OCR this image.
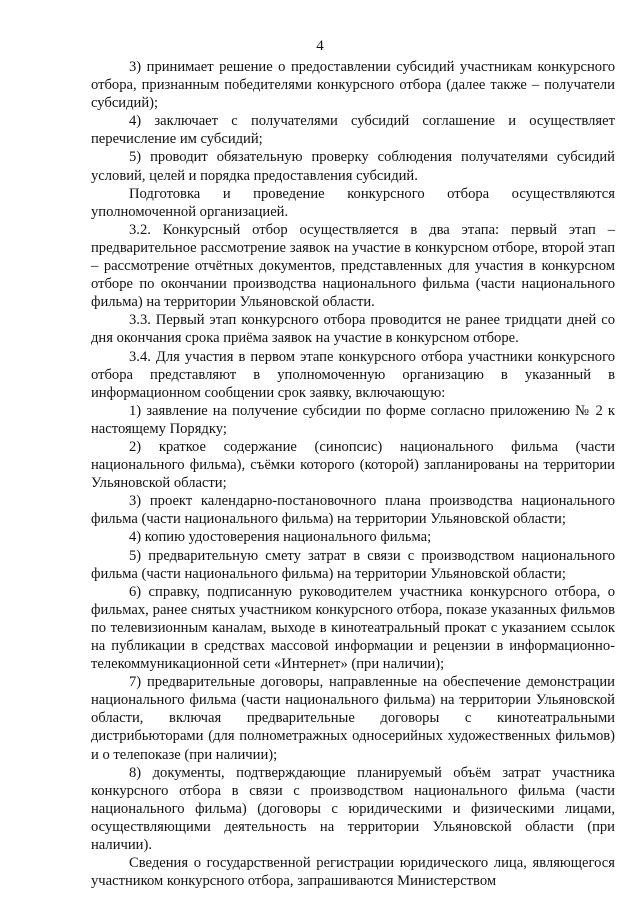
4

3) принимает решение о предоставлении субсидий участникам конкурсного отбора, признанным победителями конкурсного отбора (далее также – получатели субсидий);

4) заключает с получателями субсидий соглашение и осуществляет перечисление им субсидий;

5) проводит обязательную проверку соблюдения получателями субсидий условий, целей и порядка предоставления субсидий.

Подготовка и проведение конкурсного отбора осуществляются уполномоченной организацией.

3.2. Конкурсный отбор осуществляется в два этапа: первый этап – предварительное рассмотрение заявок на участие в конкурсном отборе, второй этап – рассмотрение отчётных документов, представленных для участия в конкурсном отборе по окончании производства национального фильма (части национального фильма) на территории Ульяновской области.

3.3. Первый этап конкурсного отбора проводится не ранее тридцати дней со дня окончания срока приёма заявок на участие в конкурсном отборе.

3.4. Для участия в первом этапе конкурсного отбора участники конкурсного отбора представляют в уполномоченную организацию в указанный в информационном сообщении срок заявку, включающую:

1) заявление на получение субсидии по форме согласно приложению № 2 к настоящему Порядку;

2) краткое содержание (синопсис) национального фильма (части национального фильма), съёмки которого (которой) запланированы на территории Ульяновской области;

3) проект календарно-постановочного плана производства национального фильма (части национального фильма) на территории Ульяновской области;

4) копию удостоверения национального фильма;

5) предварительную смету затрат в связи с производством национального фильма (части национального фильма) на территории Ульяновской области;

6) справку, подписанную руководителем участника конкурсного отбора, о фильмах, ранее снятых участником конкурсного отбора, показе указанных фильмов по телевизионным каналам, выходе в кинотеатральный прокат с указанием ссылок на публикации в средствах массовой информации и рецензии в информационно-телекоммуникационной сети «Интернет» (при наличии);

7) предварительные договоры, направленные на обеспечение демонстрации национального фильма (части национального фильма) на территории Ульяновской области, включая предварительные договоры с кинотеатральными дистрибьюторами (для полнометражных односерийных художественных фильмов) и о телепоказе (при наличии);

8) документы, подтверждающие планируемый объём затрат участника конкурсного отбора в связи с производством национального фильма (части национального фильма) (договоры с юридическими и физическими лицами, осуществляющими деятельность на территории Ульяновской области (при наличии).

Сведения о государственной регистрации юридического лица, являющегося участником конкурсного отбора, запрашиваются Министерством
